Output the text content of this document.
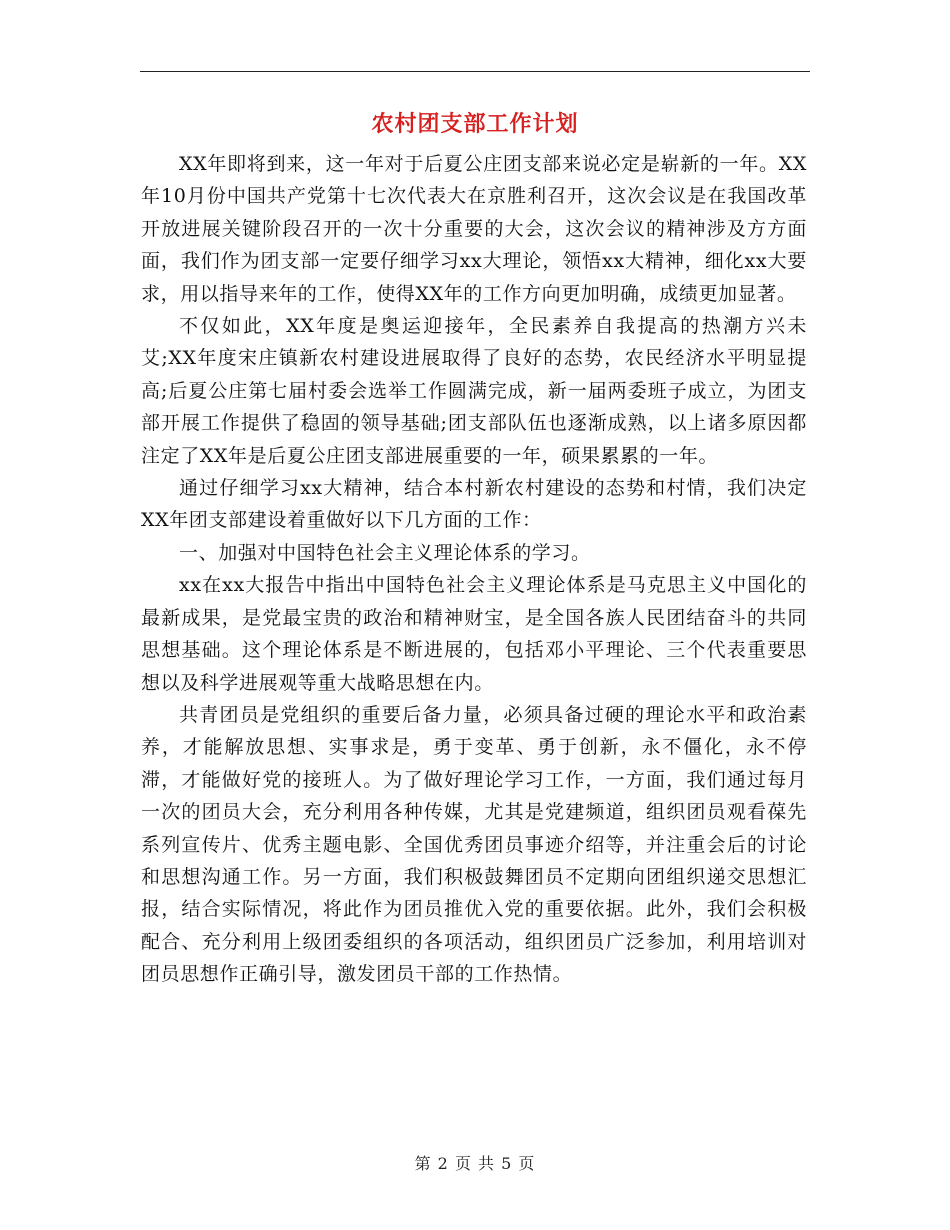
农村团支部工作计划

XX年即将到来，这一年对于后夏公庄团支部来说必定是崭新的一年。XX年10月份中国共产党第十七次代表大在京胜利召开，这次会议是在我国改革开放进展关键阶段召开的一次十分重要的大会，这次会议的精神涉及方方面面，我们作为团支部一定要仔细学习xx大理论，领悟xx大精神，细化xx大要求，用以指导来年的工作，使得XX年的工作方向更加明确，成绩更加显著。

不仅如此，XX年度是奥运迎接年，全民素养自我提高的热潮方兴未艾;XX年度宋庄镇新农村建设进展取得了良好的态势，农民经济水平明显提高;后夏公庄第七届村委会选举工作圆满完成，新一届两委班子成立，为团支部开展工作提供了稳固的领导基础;团支部队伍也逐渐成熟，以上诸多原因都注定了XX年是后夏公庄团支部进展重要的一年，硕果累累的一年。

通过仔细学习xx大精神，结合本村新农村建设的态势和村情，我们决定XX年团支部建设着重做好以下几方面的工作：

一、加强对中国特色社会主义理论体系的学习。

xx在xx大报告中指出中国特色社会主义理论体系是马克思主义中国化的最新成果，是党最宝贵的政治和精神财宝，是全国各族人民团结奋斗的共同思想基础。这个理论体系是不断进展的，包括邓小平理论、三个代表重要思想以及科学进展观等重大战略思想在内。

共青团员是党组织的重要后备力量，必须具备过硬的理论水平和政治素养，才能解放思想、实事求是，勇于变革、勇于创新，永不僵化，永不停滞，才能做好党的接班人。为了做好理论学习工作，一方面，我们通过每月一次的团员大会，充分利用各种传媒，尤其是党建频道，组织团员观看葆先系列宣传片、优秀主题电影、全国优秀团员事迹介绍等，并注重会后的讨论和思想沟通工作。另一方面，我们积极鼓舞团员不定期向团组织递交思想汇报，结合实际情况，将此作为团员推优入党的重要依据。此外，我们会积极配合、充分利用上级团委组织的各项活动，组织团员广泛参加，利用培训对团员思想作正确引导，激发团员干部的工作热情。

第 2 页 共 5 页
